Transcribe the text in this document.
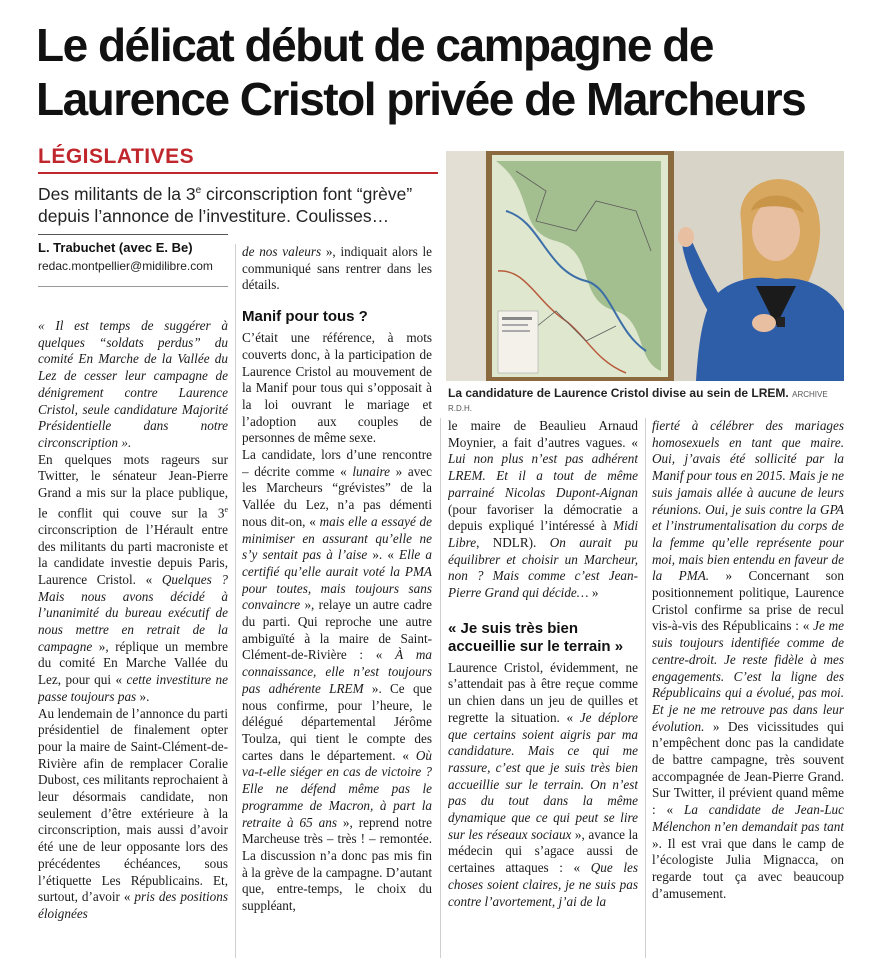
Le délicat début de campagne de Laurence Cristol privée de Marcheurs
LÉGISLATIVES
Des militants de la 3e circonscription font “grève” depuis l’annonce de l’investiture. Coulisses…
La candidature de Laurence Cristol divise au sein de LREM. ARCHIVE R.D.H.
L. Trabuchet (avec E. Be)
redac.montpellier@midilibre.com

« Il est temps de suggérer à quelques “soldats perdus” du comité En Marche de la Vallée du Lez de cesser leur campagne de dénigrement contre Laurence Cristol, seule candidature Majorité Présidentielle dans notre circonscription ».

En quelques mots rageurs sur Twitter, le sénateur Jean-Pierre Grand a mis sur la place publique, le conflit qui couve sur la 3e circonscription de l’Hérault entre des militants du parti macroniste et la candidate investie depuis Paris, Laurence Cristol. « Quelques ? Mais nous avons décidé à l’unanimité du bureau exécutif de nous mettre en retrait de la campagne », réplique un membre du comité En Marche Vallée du Lez, pour qui « cette investiture ne passe toujours pas ».

Au lendemain de l’annonce du parti présidentiel de finalement opter pour la maire de Saint-Clément-de-Rivière afin de remplacer Coralie Dubost, ces militants reprochaient à leur désormais candidate, non seulement d’être extérieure à la circonscription, mais aussi d’avoir été une de leur opposante lors des précédentes échéances, sous l’étiquette Les Républicains. Et, surtout, d’avoir « pris des positions éloignées

de nos valeurs », indiquait alors le communiqué sans rentrer dans les détails.

Manif pour tous ?

C’était une référence, à mots couverts donc, à la participation de Laurence Cristol au mouvement de la Manif pour tous qui s’opposait à la loi ouvrant le mariage et l’adoption aux couples de personnes de même sexe.

La candidate, lors d’une rencontre – décrite comme « lunaire » avec les Marcheurs “grévistes” de la Vallée du Lez, n’a pas démenti nous dit-on, « mais elle a essayé de minimiser en assurant qu’elle ne s’y sentait pas à l’aise ». « Elle a certifié qu’elle aurait voté la PMA pour toutes, mais toujours sans convaincre », relaye un autre cadre du parti. Qui reproche une autre ambiguïté à la maire de Saint-Clément-de-Rivière : « À ma connaissance, elle n’est toujours pas adhérente LREM ». Ce que nous confirme, pour l’heure, le délégué départemental Jérôme Toulza, qui tient le compte des cartes dans le département. « Où va-t-elle siéger en cas de victoire ? Elle ne défend même pas le programme de Macron, à part la retraite à 65 ans », reprend notre Marcheuse très – très ! – remontée. La discussion n’a donc pas mis fin à la grève de la campagne. D’autant que, entre-temps, le choix du suppléant,

le maire de Beaulieu Arnaud Moynier, a fait d’autres vagues. « Lui non plus n’est pas adhérent LREM. Et il a tout de même parrainé Nicolas Dupont-Aignan (pour favoriser la démocratie a depuis expliqué l’intéressé à Midi Libre, NDLR). On aurait pu équilibrer et choisir un Marcheur, non ? Mais comme c’est Jean-Pierre Grand qui décide… »

« Je suis très bien accueillie sur le terrain »

Laurence Cristol, évidemment, ne s’attendait pas à être reçue comme un chien dans un jeu de quilles et regrette la situation. « Je déplore que certains soient aigris par ma candidature. Mais ce qui me rassure, c’est que je suis très bien accueillie sur le terrain. On n’est pas du tout dans la même dynamique que ce qui peut se lire sur les réseaux sociaux », avance la médecin qui s’agace aussi de certaines attaques : « Que les choses soient claires, je ne suis pas contre l’avortement, j’ai de la

fierté à célébrer des mariages homosexuels en tant que maire. Oui, j’avais été sollicité par la Manif pour tous en 2015. Mais je ne suis jamais allée à aucune de leurs réunions. Oui, je suis contre la GPA et l’instrumentalisation du corps de la femme qu’elle représente pour moi, mais bien entendu en faveur de la PMA. » Concernant son positionnement politique, Laurence Cristol confirme sa prise de recul vis-à-vis des Républicains : « Je me suis toujours identifiée comme de centre-droit. Je reste fidèle à mes engagements. C’est la ligne des Républicains qui a évolué, pas moi. Et je ne me retrouve pas dans leur évolution. » Des vicissitudes qui n’empêchent donc pas la candidate de battre campagne, très souvent accompagnée de Jean-Pierre Grand. Sur Twitter, il prévient quand même : « La candidate de Jean-Luc Mélenchon n’en demandait pas tant ». Il est vrai que dans le camp de l’écologiste Julia Mignacca, on regarde tout ça avec beaucoup d’amusement.
